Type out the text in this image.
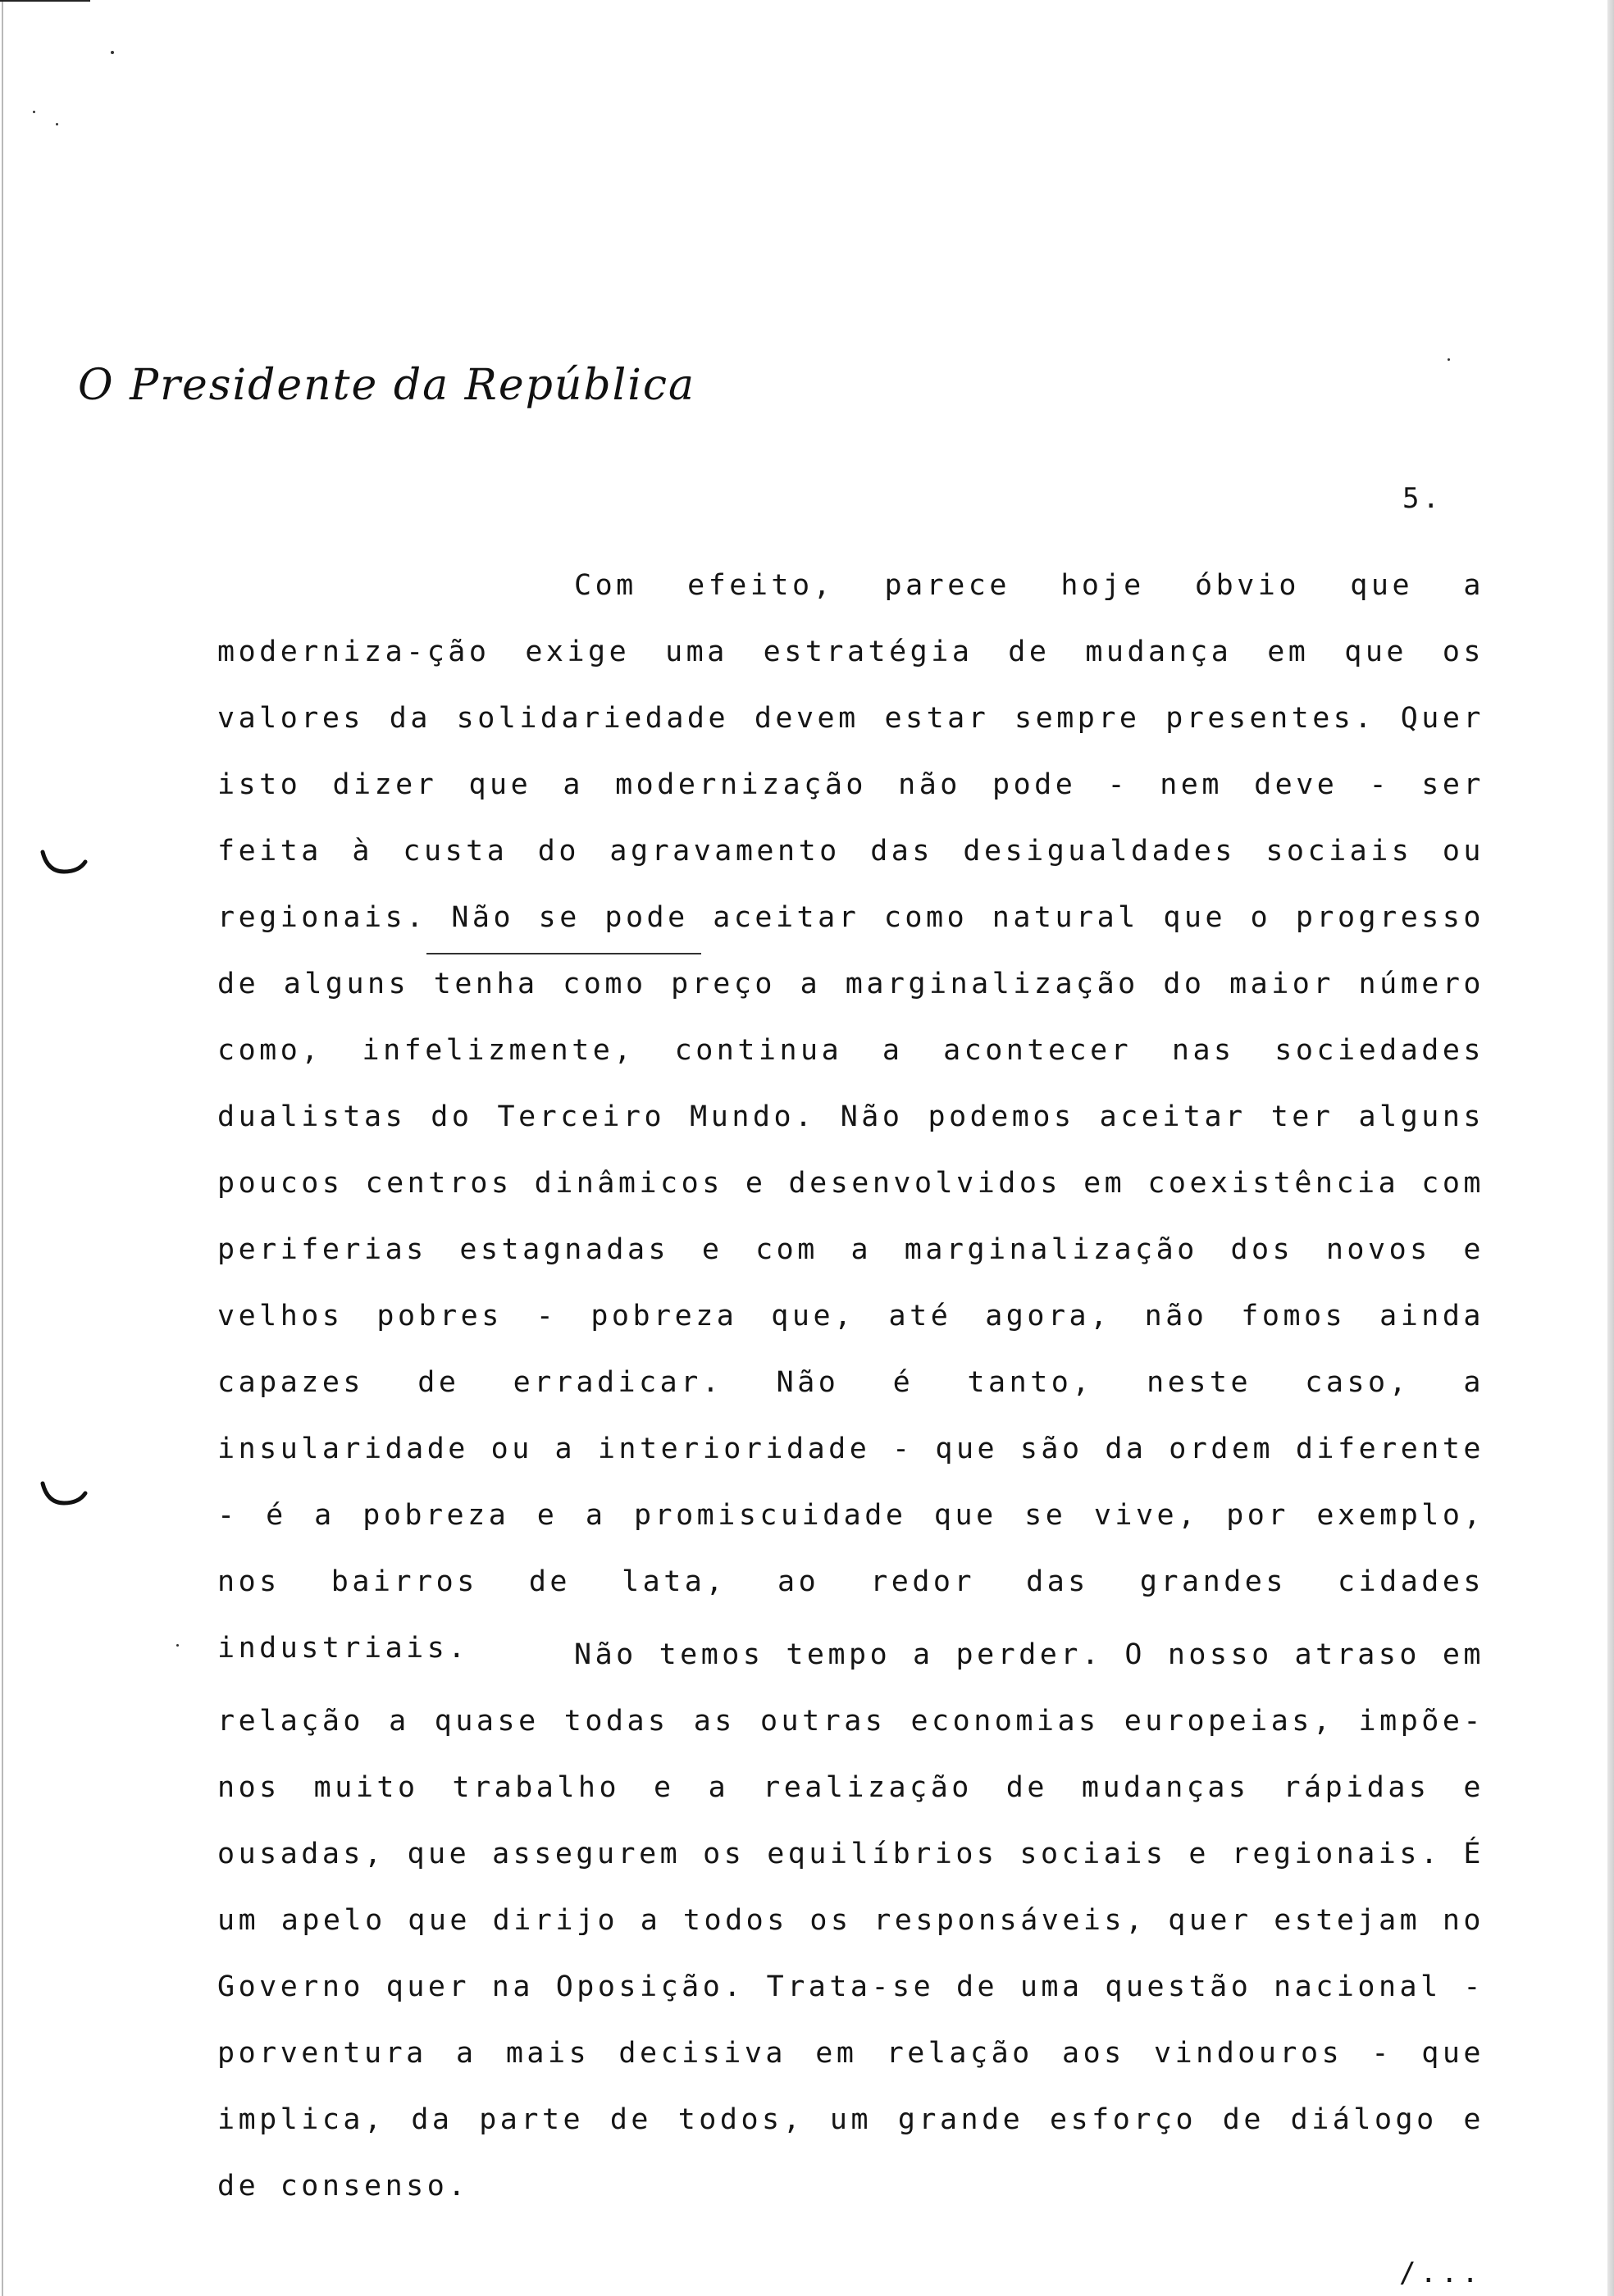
O Presidente da República
5.

Com efeito, parece hoje óbvio que a moderniza-ção exige uma estratégia de mudança em que os valores da solidariedade devem estar sempre presentes. Quer isto dizer que a modernização não pode - nem deve - ser feita à custa do agravamento das desigualdades sociais ou regionais. Não se pode aceitar como natural que o progresso de alguns tenha como preço a marginalização do maior número como, infelizmente, continua a acontecer nas sociedades dualistas do Terceiro Mundo. Não podemos aceitar ter alguns poucos centros dinâmicos e desenvolvidos em coexistência com periferias estagnadas e com a marginalização dos novos e velhos pobres - pobreza que, até agora, não fomos ainda capazes de erradicar. Não é tanto, neste caso, a insularidade ou a interioridade - que são da ordem diferente - é a pobreza e a promiscuidade que se vive, por exemplo, nos bairros de lata, ao redor das grandes cidades industriais.	Não temos tempo a perder. O nosso atraso em relação a quase todas as outras economias europeias, impõe-nos muito trabalho e a realização de mudanças rápidas e ousadas, que assegurem os equilíbrios sociais e regionais. É um apelo que dirijo a todos os responsáveis, quer estejam no Governo quer na Oposição. Trata-se de uma questão nacional - porventura a mais decisiva em relação aos vindouros - que implica, da parte de todos, um grande esforço de diálogo e de consenso.

/...
